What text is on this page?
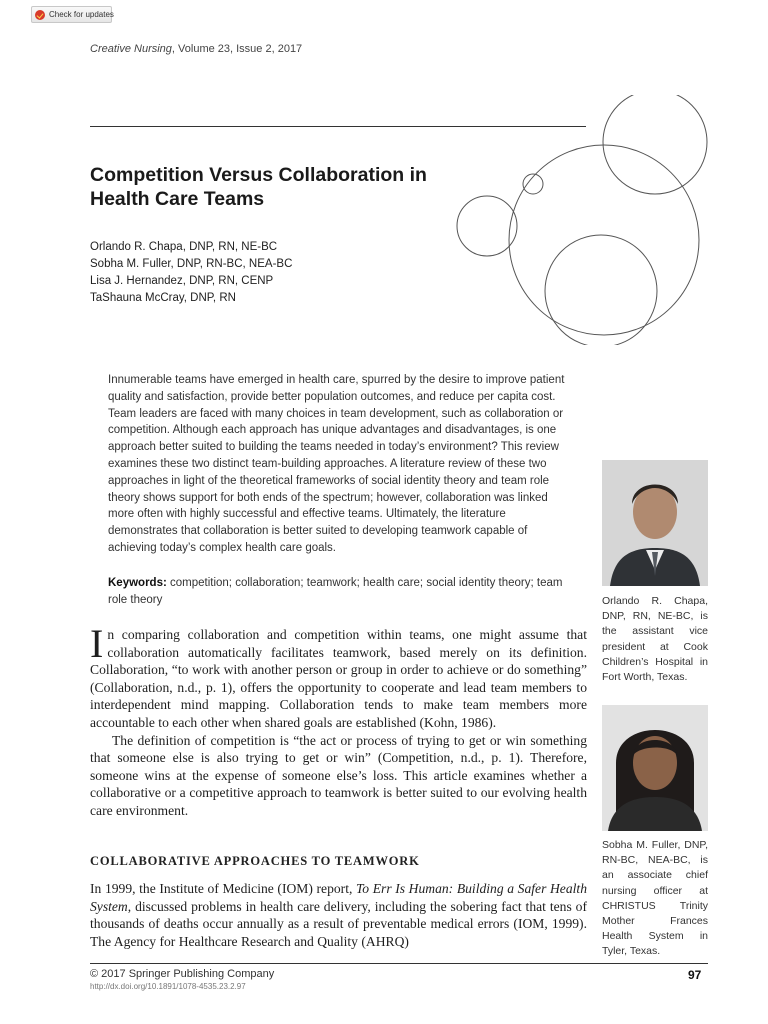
Check for updates
Creative Nursing, Volume 23, Issue 2, 2017
Competition Versus Collaboration in
Health Care Teams
Orlando R. Chapa, DNP, RN, NE-BC
Sobha M. Fuller, DNP, RN-BC, NEA-BC
Lisa J. Hernandez, DNP, RN, CENP
TaShauna McCray, DNP, RN
Innumerable teams have emerged in health care, spurred by the desire to improve patient quality and satisfaction, provide better population outcomes, and reduce per capita cost. Team leaders are faced with many choices in team development, such as collaboration or competition. Although each approach has unique advantages and disadvantages, is one approach better suited to building the teams needed in today’s environment? This review examines these two distinct team-building approaches. A literature review of these two approaches in light of the theoretical frameworks of social identity theory and team role theory shows support for both ends of the spectrum; however, collaboration was linked more often with highly successful and effective teams. Ultimately, the literature demonstrates that collaboration is better suited to developing teamwork capable of achieving today’s complex health care goals.
Keywords: competition; collaboration; teamwork; health care; social identity theory; team role theory

In comparing collaboration and competition within teams, one might assume that collaboration automatically facilitates teamwork, based merely on its definition. Collaboration, “to work with another person or group in order to achieve or do something” (Collaboration, n.d., p. 1), offers the opportunity to cooperate and lead team members to interdependent mind mapping. Collaboration tends to make team members more accountable to each other when shared goals are established (Kohn, 1986).

The definition of competition is “the act or process of trying to get or win something that someone else is also trying to get or win” (Competition, n.d., p. 1). Therefore, someone wins at the expense of someone else’s loss. This article examines whether a collaborative or a competitive approach to teamwork is better suited to our evolving health care environment.

COLLABORATIVE APPROACHES TO TEAMWORK

In 1999, the Institute of Medicine (IOM) report, To Err Is Human: Building a Safer Health System, discussed problems in health care delivery, including the sobering fact that tens of thousands of deaths occur annually as a result of preventable medical errors (IOM, 1999). The Agency for Healthcare Research and Quality (AHRQ)

Orlando R. Chapa, DNP, RN, NE-BC, is the assistant vice president at Cook Children’s Hospital in Fort Worth, Texas.
Sobha M. Fuller, DNP, RN-BC, NEA-BC, is an associate chief nursing officer at CHRISTUS Trinity Mother Frances Health System in Tyler, Texas.
© 2017 Springer Publishing Company
http://dx.doi.org/10.1891/1078-4535.23.2.97
97
